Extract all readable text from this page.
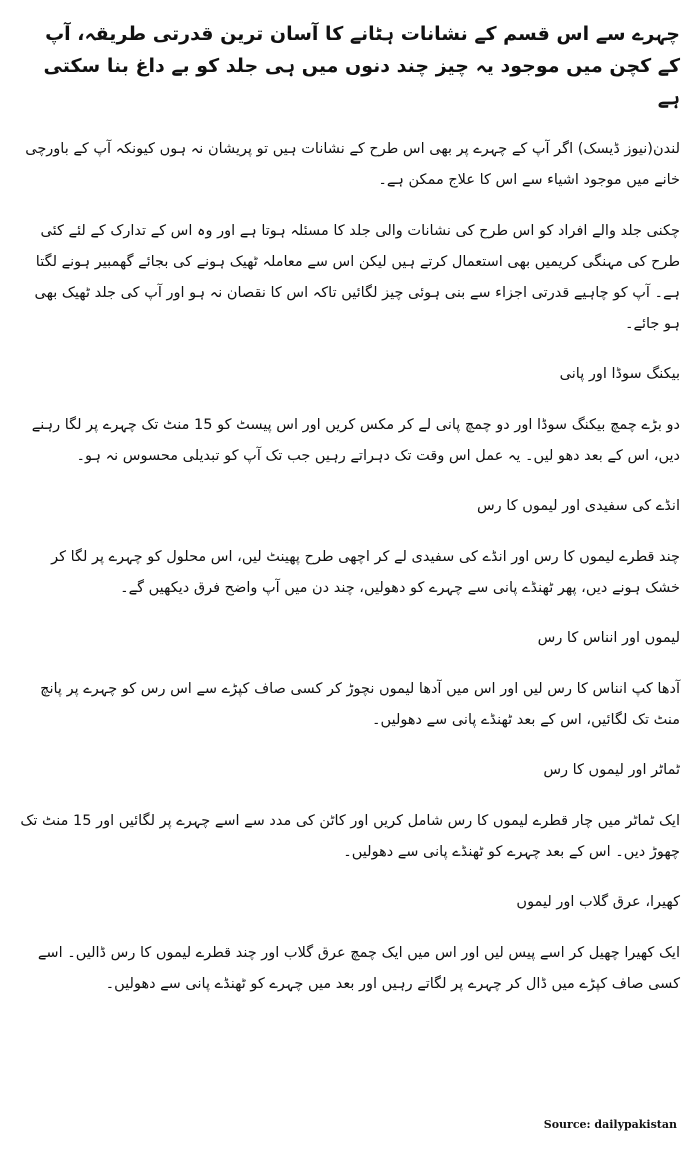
چہرے سے اس قسم کے نشانات ہٹانے کا آسان ترین قدرتی طریقہ، آپ کے کچن میں موجود یہ چیز چند دنوں میں ہی جلد کو بے داغ بنا سکتی ہے
لندن(نیوز ڈیسک) اگر آپ کے چہرے پر بھی اس طرح کے نشانات ہیں تو پریشان نہ ہوں کیونکہ آپ کے باورچی خانے میں موجود اشیاء سے اس کا علاج ممکن ہے۔
چکنی جلد والے افراد کو اس طرح کی نشانات والی جلد کا مسئلہ ہوتا ہے اور وہ اس کے تدارک کے لئے کئی طرح کی مہنگی کریمیں بھی استعمال کرتے ہیں لیکن اس سے معاملہ ٹھیک ہونے کی بجائے گھمبیر ہونے لگتا ہے۔ آپ کو چاہیے قدرتی اجزاء سے بنی ہوئی چیز لگائیں تاکہ اس کا نقصان نہ ہو اور آپ کی جلد ٹھیک بھی ہو جائے۔
بیکنگ سوڈا اور پانی
دو بڑے چمچ بیکنگ سوڈا اور دو چمچ پانی لے کر مکس کریں اور اس پیسٹ کو 15 منٹ تک چہرے پر لگا رہنے دیں، اس کے بعد دھو لیں۔ یہ عمل اس وقت تک دہراتے رہیں جب تک آپ کو تبدیلی محسوس نہ ہو۔
انڈے کی سفیدی اور لیموں کا رس
چند قطرے لیموں کا رس اور انڈے کی سفیدی لے کر اچھی طرح پھینٹ لیں، اس محلول کو چہرے پر لگا کر خشک ہونے دیں، پھر ٹھنڈے پانی سے چہرے کو دھولیں، چند دن میں آپ واضح فرق دیکھیں گے۔
لیموں اور انناس کا رس
آدھا کپ انناس کا رس لیں اور اس میں آدھا لیموں نچوڑ کر کسی صاف کپڑے سے اس رس کو چہرے پر پانچ منٹ تک لگائیں، اس کے بعد ٹھنڈے پانی سے دھولیں۔
ٹماٹر اور لیموں کا رس
ایک ٹماٹر میں چار قطرے لیموں کا رس شامل کریں اور کاٹن کی مدد سے اسے چہرے پر لگائیں اور 15 منٹ تک چھوڑ دیں۔ اس کے بعد چہرے کو ٹھنڈے پانی سے دھولیں۔
کھیرا، عرق گلاب اور لیموں
ایک کھیرا چھیل کر اسے پیس لیں اور اس میں ایک چمچ عرق گلاب اور چند قطرے لیموں کا رس ڈالیں۔ اسے کسی صاف کپڑے میں ڈال کر چہرے پر لگاتے رہیں اور بعد میں چہرے کو ٹھنڈے پانی سے دھولیں۔
Source: dailypakistan
